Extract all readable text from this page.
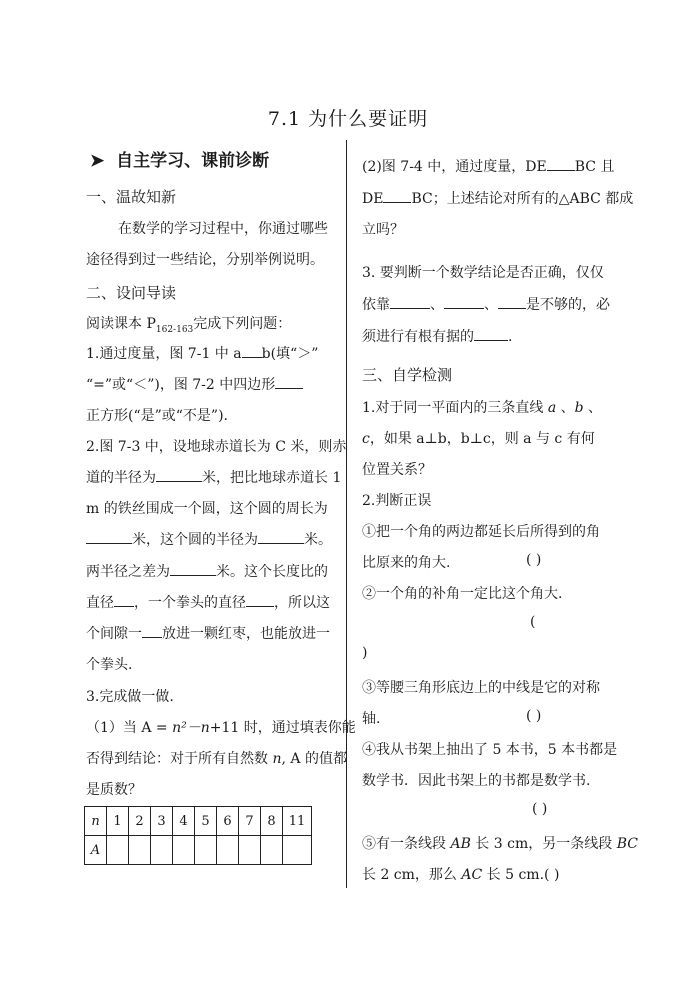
7.1 为什么要证明
➤ 自主学习、课前诊断
一、温故知新
在数学的学习过程中，你通过哪些
途径得到过一些结论，分别举例说明。
二、设问导读
阅读课本 $P_{162-163}$完成下列问题：
1.通过度量，图 7-1 中 a b(填“＞”
“=”或“＜”)，图 7-2 中四边形
正方形(“是”或“不是”).
2.图 7-3 中，设地球赤道长为 C 米，则赤
道的半径为	米，把比地球赤道长 1
m 的铁丝围成一个圆，这个圆的周长为
米，这个圆的半径为	米。
两半径之差为	米。这个长度比的
直径 ，一个拳头的直径 ，所以这
个间隙一 放进一颗红枣，也能放进一
个拳头.
3.完成做一做.
（1）当 A = n²－n+11 时，通过填表你能
否得到结论：对于所有自然数 n, A 的值都
是质数？
n	1	2	3	4	5	6	7	8	11
A									
(2)图 7-4 中，通过度量，DE BC 且
DE BC；上述结论对所有的△ABC 都成
立吗？
3. 要判断一个数学结论是否正确，仅仅
依靠	、	、 是不够的，必
须进行有根有据的 .
三、自学检测
1.对于同一平面内的三条直线 a 、b 、
c，如果 a⊥b，b⊥c，则 a 与 c 有何
位置关系？
2.判断正误
①把一个角的两边都延长后所得到的角
比原来的角大.	( )
②一个角的补角一定比这个角大.
(
)
③等腰三角形底边上的中线是它的对称
轴.	( )
④我从书架上抽出了 5 本书，5 本书都是
数学书．因此书架上的书都是数学书.
( )
⑤有一条线段 AB 长 3 cm，另一条线段 BC
长 2 cm，那么 AC 长 5 cm.( )
